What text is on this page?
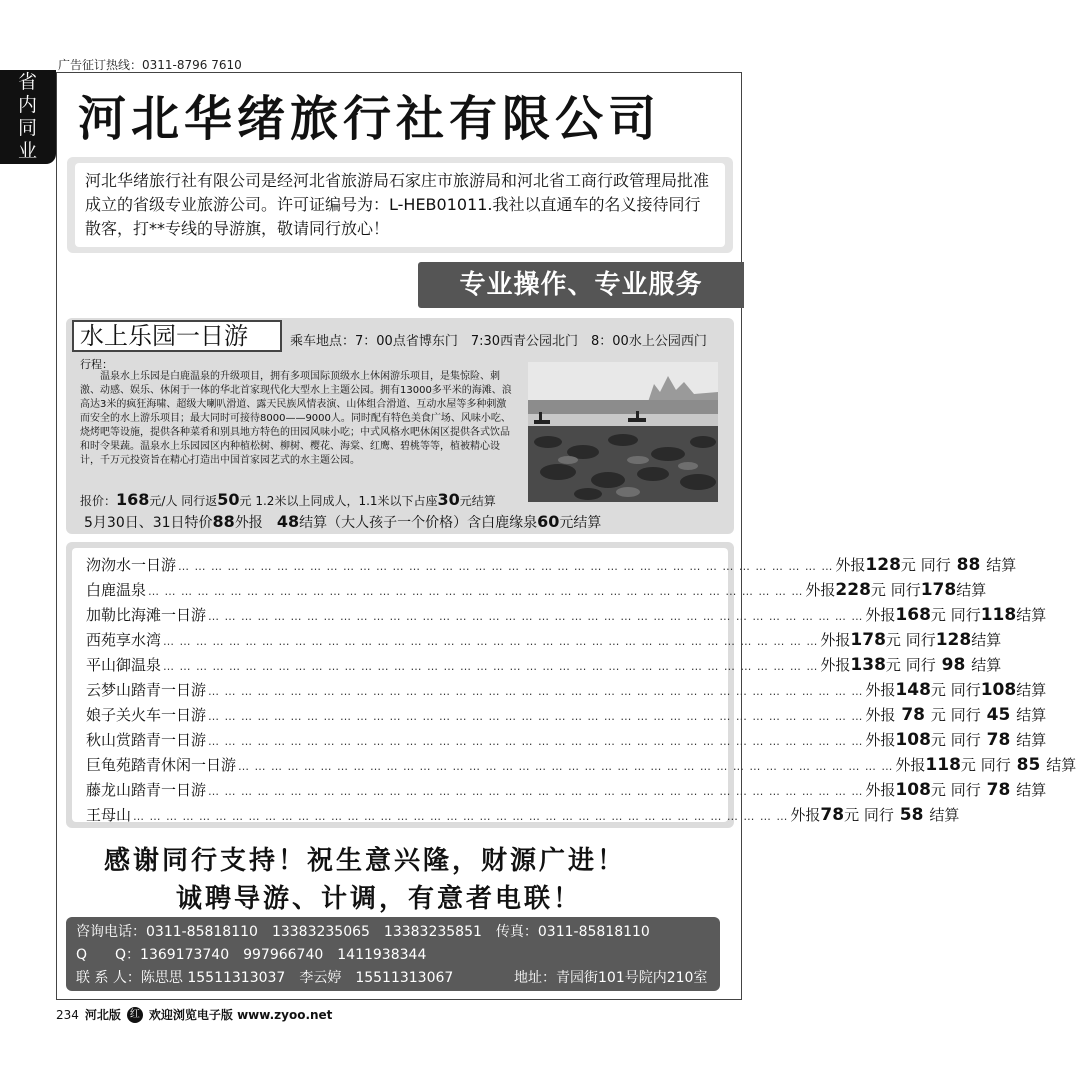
广告征订热线：0311-8796 7610
省
内
同
业
河北华绪旅行社有限公司
河北华绪旅行社有限公司是经河北省旅游局石家庄市旅游局和河北省工商行政管理局批准成立的省级专业旅游公司。许可证编号为：L-HEB01011.我社以直通车的名义接待同行散客，打**专线的导游旗，敬请同行放心！
专业操作、专业服务
水上乐园一日游	乘车地点：7：00点省博东门　7:30西青公园北门　8：00水上公园西门
行程：
温泉水上乐园是白鹿温泉的升级项目，拥有多项国际顶级水上休闲游乐项目，是集惊险、刺激、动感、娱乐、休闲于一体的华北首家现代化大型水上主题公园。拥有13000多平米的海滩、浪高达3米的疯狂海啸、超级大喇叭滑道、露天民族风情表演、山体组合滑道、互动水屋等多种刺激而安全的水上游乐项目；最大同时可接待8000——9000人。同时配有特色美食广场、风味小吃、烧烤吧等设施，提供各种菜肴和别具地方特色的田园风味小吃；中式风格水吧休闲区提供各式饮品和时令果蔬。温泉水上乐园园区内种植松树、柳树、樱花、海棠、红鹰、碧桃等等，植被精心设计，千万元投资旨在精心打造出中国首家园艺式的水主题公园。
报价：168元/人 同行返50元 1.2米以上同成人，1.1米以下占座30元结算
5月30日、31日特价88外报　48结算（大人孩子一个价格）含白鹿缘泉60元结算
沕沕水一日游 … … … … … … … … … … … … … … … … … … … … … … … … … … … … … … … … … … … … … … … … 外报128元 同行 88 结算
白鹿温泉 … … … … … … … … … … … … … … … … … … … … … … … … … … … … … … … … … … … … … … … … 外报228元 同行178结算
加勒比海滩一日游 … … … … … … … … … … … … … … … … … … … … … … … … … … … … … … … … … … … … … … … … 外报168元 同行118结算
西苑享水湾 … … … … … … … … … … … … … … … … … … … … … … … … … … … … … … … … … … … … … … … … 外报178元 同行128结算
平山御温泉 … … … … … … … … … … … … … … … … … … … … … … … … … … … … … … … … … … … … … … … … 外报138元 同行 98 结算
云梦山踏青一日游 … … … … … … … … … … … … … … … … … … … … … … … … … … … … … … … … … … … … … … … … 外报148元 同行108结算
娘子关火车一日游 … … … … … … … … … … … … … … … … … … … … … … … … … … … … … … … … … … … … … … … … 外报 78 元 同行 45 结算
秋山赏踏青一日游 … … … … … … … … … … … … … … … … … … … … … … … … … … … … … … … … … … … … … … … … 外报108元 同行 78 结算
巨龟苑踏青休闲一日游 … … … … … … … … … … … … … … … … … … … … … … … … … … … … … … … … … … … … … … … … 外报118元 同行 85 结算
藤龙山踏青一日游 … … … … … … … … … … … … … … … … … … … … … … … … … … … … … … … … … … … … … … … … 外报108元 同行 78 结算
王母山 … … … … … … … … … … … … … … … … … … … … … … … … … … … … … … … … … … … … … … … … 外报78元 同行 58 结算
感谢同行支持！祝生意兴隆，财源广进！
诚聘导游、计调，有意者电联！
咨询电话：0311-85818110　13383235065　13383235851　传真：0311-85818110
Q　　Q：1369173740　997966740　1411938344
联 系 人：陈思思 15511313037　李云婷　15511313067	地址：青园街101号院内210室
234 河北版 红 欢迎浏览电子版 www.zyoo.net
